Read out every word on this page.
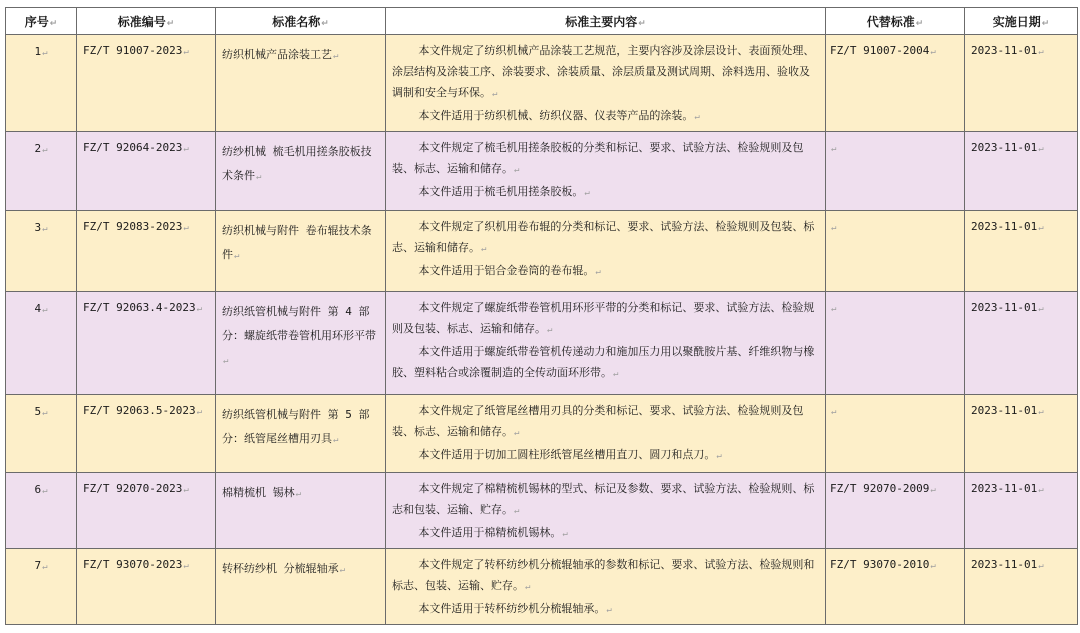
序号↵	标准编号↵	标准名称↵	标准主要内容↵	代替标准↵	实施日期↵
1↵	FZ/T 91007-2023↵	纺织机械产品涂装工艺↵	本文件规定了纺织机械产品涂装工艺规范，主要内容涉及涂层设计、表面预处理、涂层结构及涂装工序、涂装要求、涂装质量、涂层质量及测试周期、涂料选用、验收及调制和安全与环保。↵

本文件适用于纺织机械、纺织仪器、仪表等产品的涂装。↵	FZ/T 91007-2004↵	2023-11-01↵
2↵	FZ/T 92064-2023↵	纺纱机械 梳毛机用搓条胶板技术条件↵	本文件规定了梳毛机用搓条胶板的分类和标记、要求、试验方法、检验规则及包装、标志、运输和储存。↵

本文件适用于梳毛机用搓条胶板。↵	↵	2023-11-01↵
3↵	FZ/T 92083-2023↵	纺织机械与附件 卷布辊技术条件↵	本文件规定了织机用卷布辊的分类和标记、要求、试验方法、检验规则及包装、标志、运输和储存。↵

本文件适用于铝合金卷筒的卷布辊。↵	↵	2023-11-01↵
4↵	FZ/T 92063.4-2023↵	纺织纸管机械与附件 第 4 部分：螺旋纸带卷管机用环形平带↵	本文件规定了螺旋纸带卷管机用环形平带的分类和标记、要求、试验方法、检验规则及包装、标志、运输和储存。↵

本文件适用于螺旋纸带卷管机传递动力和施加压力用以聚酰胺片基、纤维织物与橡胶、塑料粘合或涂覆制造的全传动面环形带。↵	↵	2023-11-01↵
5↵	FZ/T 92063.5-2023↵	纺织纸管机械与附件 第 5 部分：纸管尾丝槽用刃具↵	本文件规定了纸管尾丝槽用刃具的分类和标记、要求、试验方法、检验规则及包装、标志、运输和储存。↵

本文件适用于切加工圆柱形纸管尾丝槽用直刀、圆刀和点刀。↵	↵	2023-11-01↵
6↵	FZ/T 92070-2023↵	棉精梳机 锡林↵	本文件规定了棉精梳机锡林的型式、标记及参数、要求、试验方法、检验规则、标志和包装、运输、贮存。↵

本文件适用于棉精梳机锡林。↵	FZ/T 92070-2009↵	2023-11-01↵
7↵	FZ/T 93070-2023↵	转杯纺纱机 分梳辊轴承↵	本文件规定了转杯纺纱机分梳辊轴承的参数和标记、要求、试验方法、检验规则和标志、包装、运输、贮存。↵

本文件适用于转杯纺纱机分梳辊轴承。↵	FZ/T 93070-2010↵	2023-11-01↵
